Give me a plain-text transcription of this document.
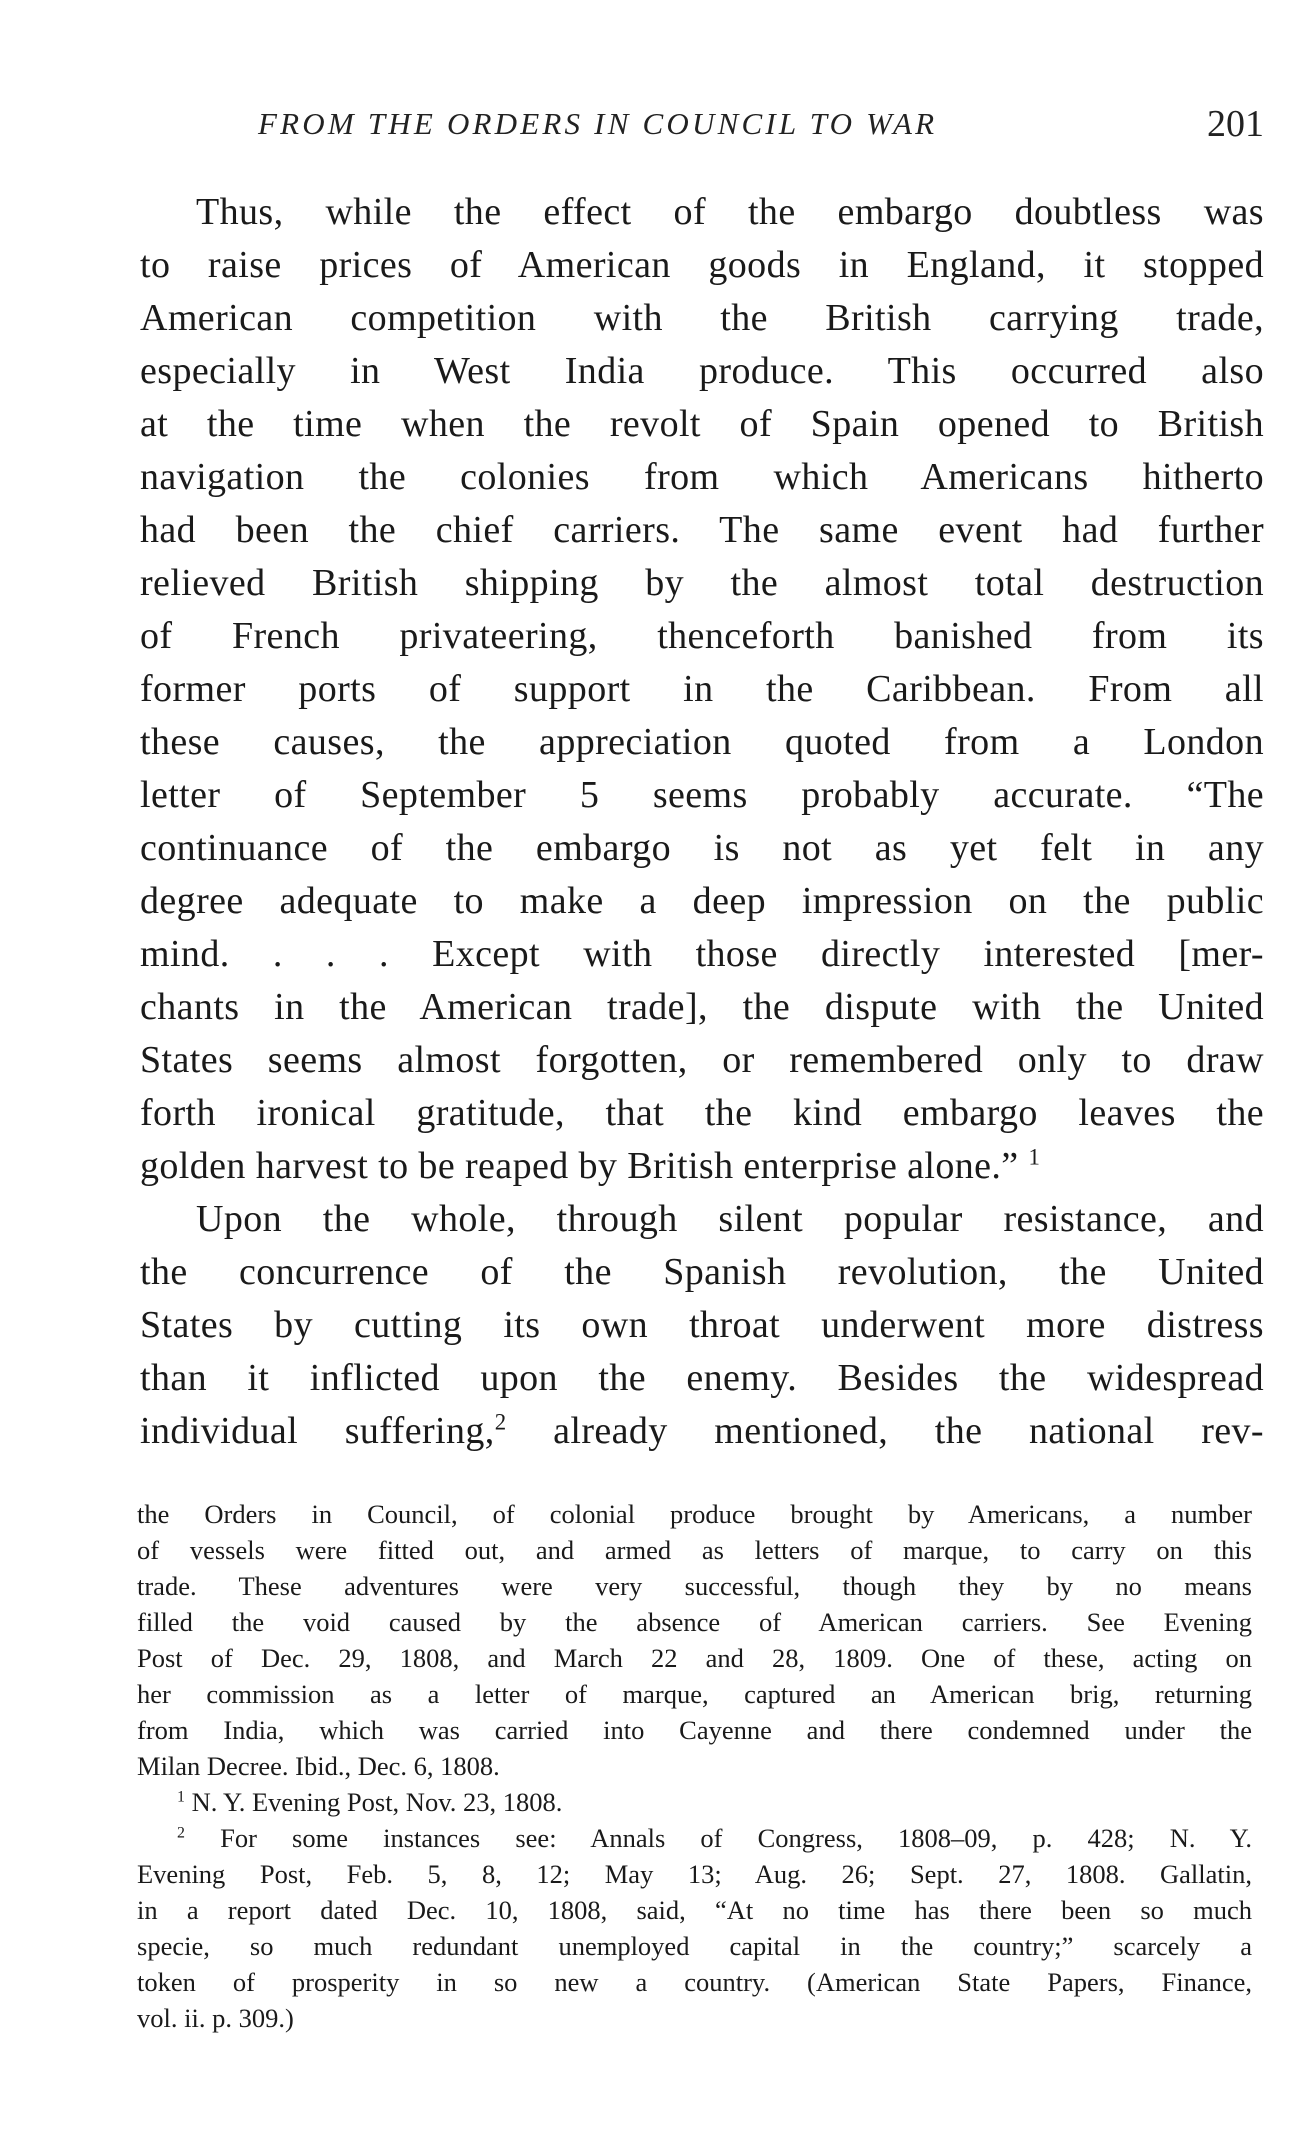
FROM THE ORDERS IN COUNCIL TO WAR	201
Thus, while the effect of the embargo doubtless was
to raise prices of American goods in England, it stopped
American competition with the British carrying trade,
especially in West India produce. This occurred also
at the time when the revolt of Spain opened to British
navigation the colonies from which Americans hitherto
had been the chief carriers. The same event had further
relieved British shipping by the almost total destruction
of French privateering, thenceforth banished from its
former ports of support in the Caribbean. From all
these causes, the appreciation quoted from a London
letter of September 5 seems probably accurate. “The
continuance of the embargo is not as yet felt in any
degree adequate to make a deep impression on the public
mind. . . . Except with those directly interested [mer-
chants in the American trade], the dispute with the United
States seems almost forgotten, or remembered only to draw
forth ironical gratitude, that the kind embargo leaves the
golden harvest to be reaped by British enterprise alone.” $^1$
Upon the whole, through silent popular resistance, and
the concurrence of the Spanish revolution, the United
States by cutting its own throat underwent more distress
than it inflicted upon the enemy. Besides the widespread
individual suffering,$^2$ already mentioned, the national rev-
the Orders in Council, of colonial produce brought by Americans, a number
of vessels were fitted out, and armed as letters of marque, to carry on this
trade. These adventures were very successful, though they by no means
filled the void caused by the absence of American carriers. See Evening
Post of Dec. 29, 1808, and March 22 and 28, 1809. One of these, acting on
her commission as a letter of marque, captured an American brig, returning
from India, which was carried into Cayenne and there condemned under the
Milan Decree. Ibid., Dec. 6, 1808.
$^1$ N. Y. Evening Post, Nov. 23, 1808.
$^2$ For some instances see: Annals of Congress, 1808–09, p. 428; N. Y.
Evening Post, Feb. 5, 8, 12; May 13; Aug. 26; Sept. 27, 1808. Gallatin,
in a report dated Dec. 10, 1808, said, “At no time has there been so much
specie, so much redundant unemployed capital in the country;” scarcely a
token of prosperity in so new a country. (American State Papers, Finance,
vol. ii. p. 309.)
